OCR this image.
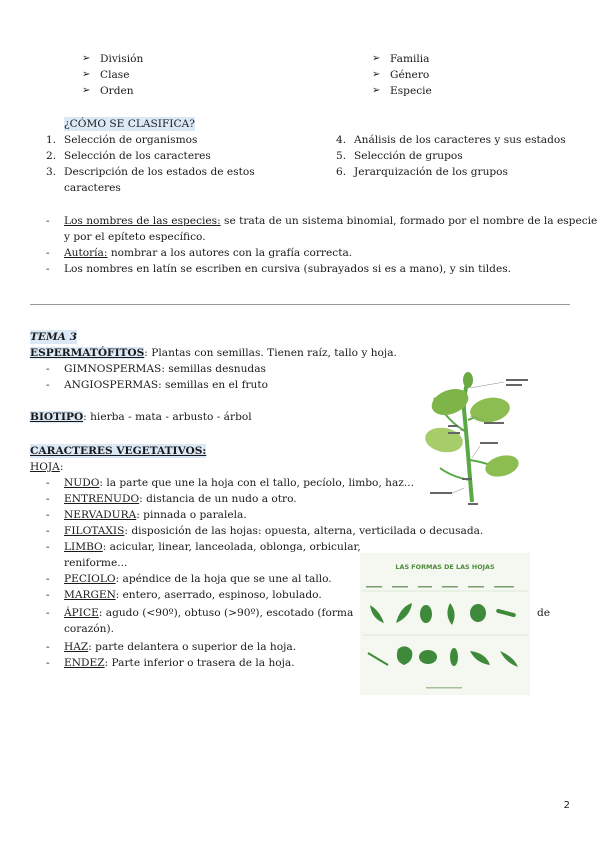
➢ División
➢ Clase
➢ Orden
➢ Familia
➢ Género
➢ Especie
¿CÓMO SE CLASIFICA?
1. Selección de organismos
2. Selección de los caracteres
3. Descripción de los estados de estos
caracteres
4. Análisis de los caracteres y sus estados
5. Selección de grupos
6. Jerarquización de los grupos
- Los nombres de las especies: se trata de un sistema binomial, formado por el nombre de la especie
y por el epíteto específico.
- Autoría: nombrar a los autores con la grafía correcta.
- Los nombres en latín se escriben en cursiva (subrayados si es a mano), y sin tildes.
TEMA 3
ESPERMATÓFITOS: Plantas con semillas. Tienen raíz, tallo y hoja.
- GIMNOSPERMAS: semillas desnudas
- ANGIOSPERMAS: semillas en el fruto
BIOTIPO: hierba - mata - arbusto - árbol
CARACTERES VEGETATIVOS:
HOJA:
- NUDO: la parte que une la hoja con el tallo, pecíolo, limbo, haz...
- ENTRENUDO: distancia de un nudo a otro.
- NERVADURA: pinnada o paralela.
- FILOTAXIS: disposición de las hojas: opuesta, alterna, verticilada o decusada.
- LIMBO: acicular, linear, lanceolada, oblonga, orbicular,
reniforme...
- PECIOLO: apéndice de la hoja que se une al tallo.
- MARGEN: entero, aserrado, espinoso, lobulado.
- ÁPICE: agudo (<90º), obtuso (>90º), escotado (forma	de
corazón).
- HAZ: parte delantera o superior de la hoja.
- ENDEZ: Parte inferior o trasera de la hoja.
LAS FORMAS DE LAS HOJAS
2
